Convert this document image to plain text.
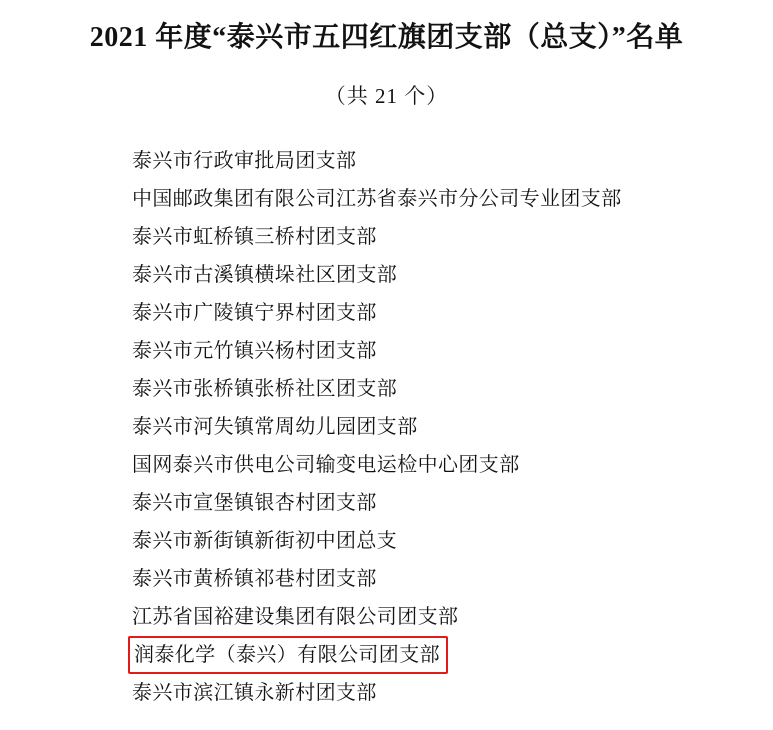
2021 年度“泰兴市五四红旗团支部（总支）”名单
（共 21 个）
泰兴市行政审批局团支部
中国邮政集团有限公司江苏省泰兴市分公司专业团支部
泰兴市虹桥镇三桥村团支部
泰兴市古溪镇横垛社区团支部
泰兴市广陵镇宁界村团支部
泰兴市元竹镇兴杨村团支部
泰兴市张桥镇张桥社区团支部
泰兴市河失镇常周幼儿园团支部
国网泰兴市供电公司输变电运检中心团支部
泰兴市宣堡镇银杏村团支部
泰兴市新街镇新街初中团总支
泰兴市黄桥镇祁巷村团支部
江苏省国裕建设集团有限公司团支部
润泰化学（泰兴）有限公司团支部
泰兴市滨江镇永新村团支部
